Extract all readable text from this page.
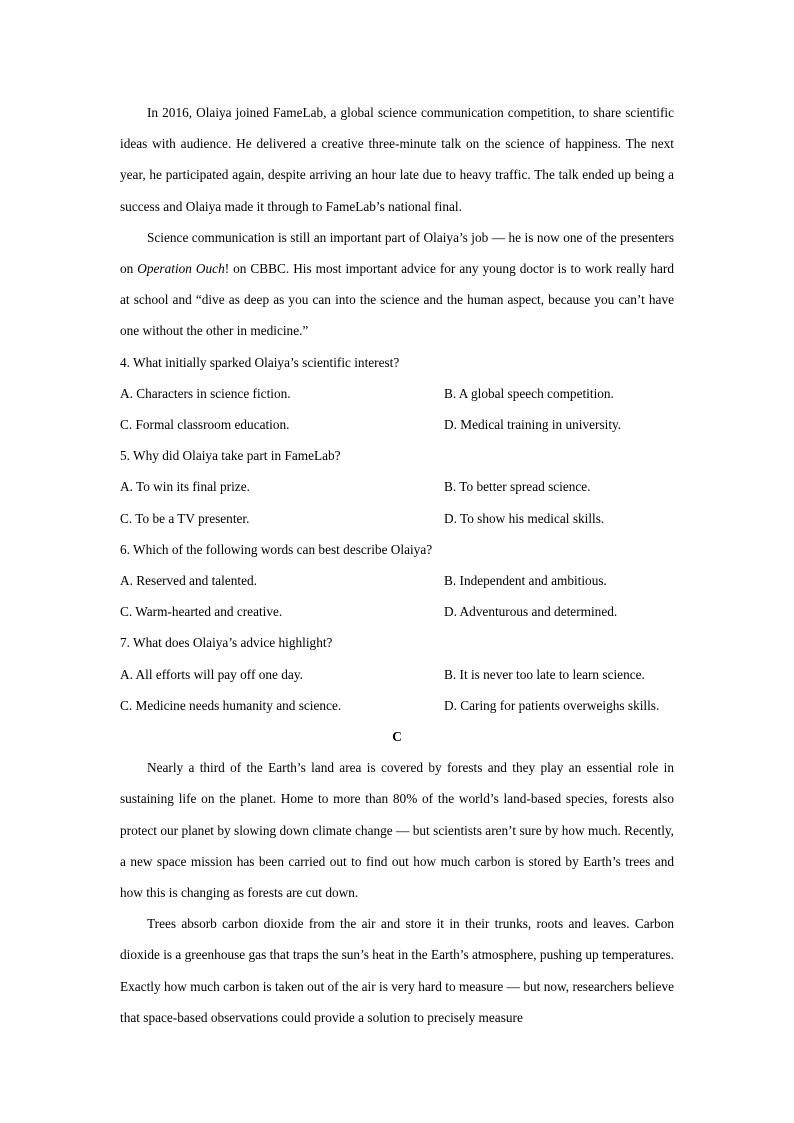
In 2016, Olaiya joined FameLab, a global science communication competition, to share scientific ideas with audience. He delivered a creative three-minute talk on the science of happiness. The next year, he participated again, despite arriving an hour late due to heavy traffic. The talk ended up being a success and Olaiya made it through to FameLab’s national final.

Science communication is still an important part of Olaiya’s job — he is now one of the presenters on Operation Ouch! on CBBC. His most important advice for any young doctor is to work really hard at school and “dive as deep as you can into the science and the human aspect, because you can’t have one without the other in medicine.”

4. What initially sparked Olaiya’s scientific interest?

A. Characters in science fiction.	B. A global speech competition.
C. Formal classroom education.	D. Medical training in university.

5. Why did Olaiya take part in FameLab?

A. To win its final prize.	B. To better spread science.
C. To be a TV presenter.	D. To show his medical skills.

6. Which of the following words can best describe Olaiya?

A. Reserved and talented.	B. Independent and ambitious.
C. Warm-hearted and creative.	D. Adventurous and determined.

7. What does Olaiya’s advice highlight?

A. All efforts will pay off one day.	B. It is never too late to learn science.
C. Medicine needs humanity and science.	D. Caring for patients overweighs skills.

C

Nearly a third of the Earth’s land area is covered by forests and they play an essential role in sustaining life on the planet. Home to more than 80% of the world’s land-based species, forests also protect our planet by slowing down climate change — but scientists aren’t sure by how much. Recently, a new space mission has been carried out to find out how much carbon is stored by Earth’s trees and how this is changing as forests are cut down.

Trees absorb carbon dioxide from the air and store it in their trunks, roots and leaves. Carbon dioxide is a greenhouse gas that traps the sun’s heat in the Earth’s atmosphere, pushing up temperatures. Exactly how much carbon is taken out of the air is very hard to measure — but now, researchers believe that space-based observations could provide a solution to precisely measure
